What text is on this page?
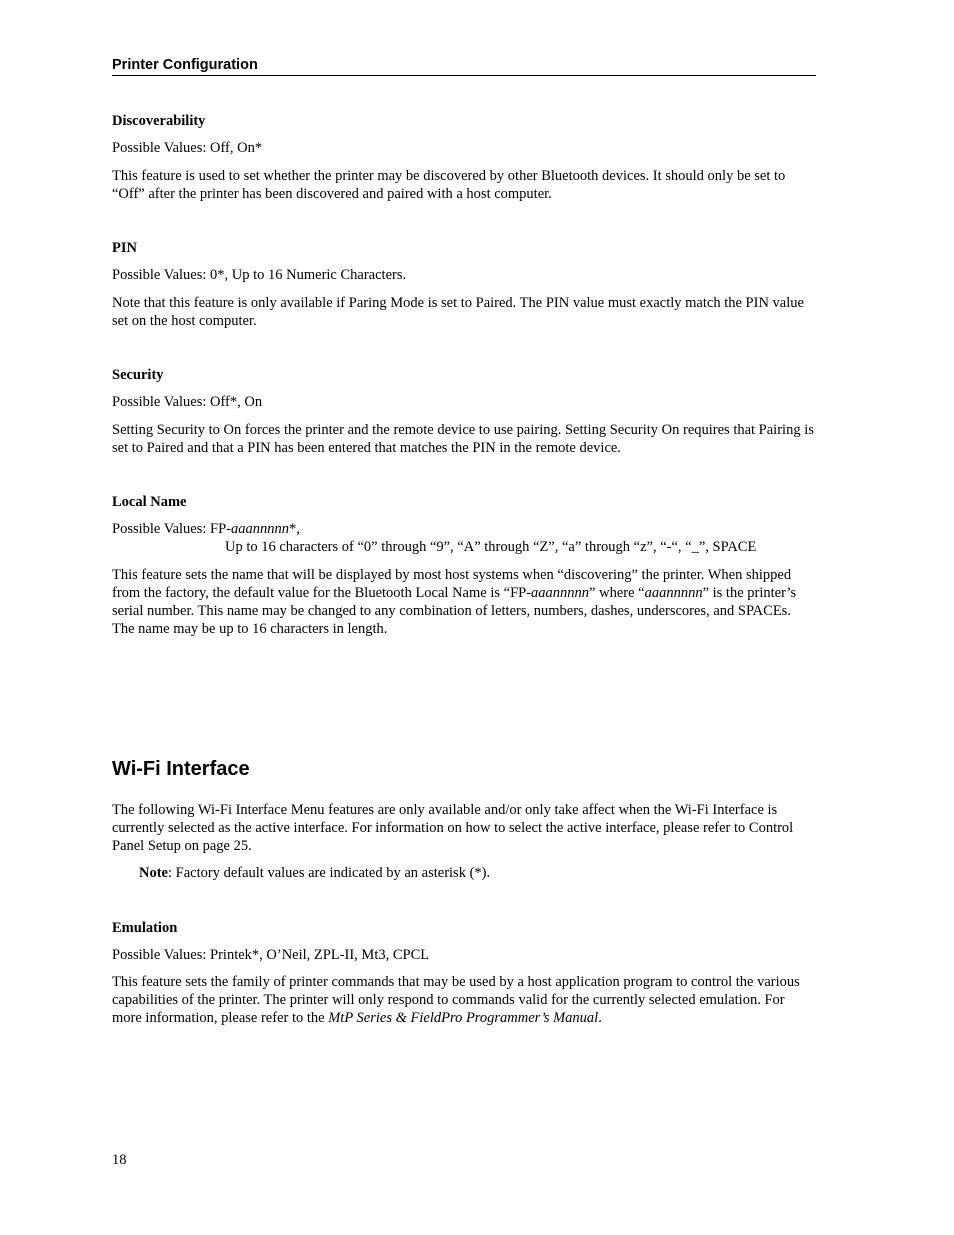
Printer Configuration
Discoverability
Possible Values: Off, On*
This feature is used to set whether the printer may be discovered by other Bluetooth devices. It should only be set to “Off” after the printer has been discovered and paired with a host computer.
PIN
Possible Values: 0*, Up to 16 Numeric Characters.
Note that this feature is only available if Paring Mode is set to Paired. The PIN value must exactly match the PIN value set on the host computer.
Security
Possible Values: Off*, On
Setting Security to On forces the printer and the remote device to use pairing. Setting Security On requires that Pairing is set to Paired and that a PIN has been entered that matches the PIN in the remote device.
Local Name
Possible Values: FP-aaannnnn*,
Up to 16 characters of “0” through “9”, “A” through “Z”, “a” through “z”, “-“, “_”, SPACE
This feature sets the name that will be displayed by most host systems when “discovering” the printer. When shipped from the factory, the default value for the Bluetooth Local Name is “FP-aaannnnn” where “aaannnnn” is the printer’s serial number. This name may be changed to any combination of letters, numbers, dashes, underscores, and SPACEs. The name may be up to 16 characters in length.
Wi-Fi Interface
The following Wi-Fi Interface Menu features are only available and/or only take affect when the Wi-Fi Interface is currently selected as the active interface. For information on how to select the active interface, please refer to Control Panel Setup on page 25.
Note: Factory default values are indicated by an asterisk (*).
Emulation
Possible Values: Printek*, O’Neil, ZPL-II, Mt3, CPCL
This feature sets the family of printer commands that may be used by a host application program to control the various capabilities of the printer. The printer will only respond to commands valid for the currently selected emulation. For more information, please refer to the MtP Series & FieldPro Programmer’s Manual.
18
